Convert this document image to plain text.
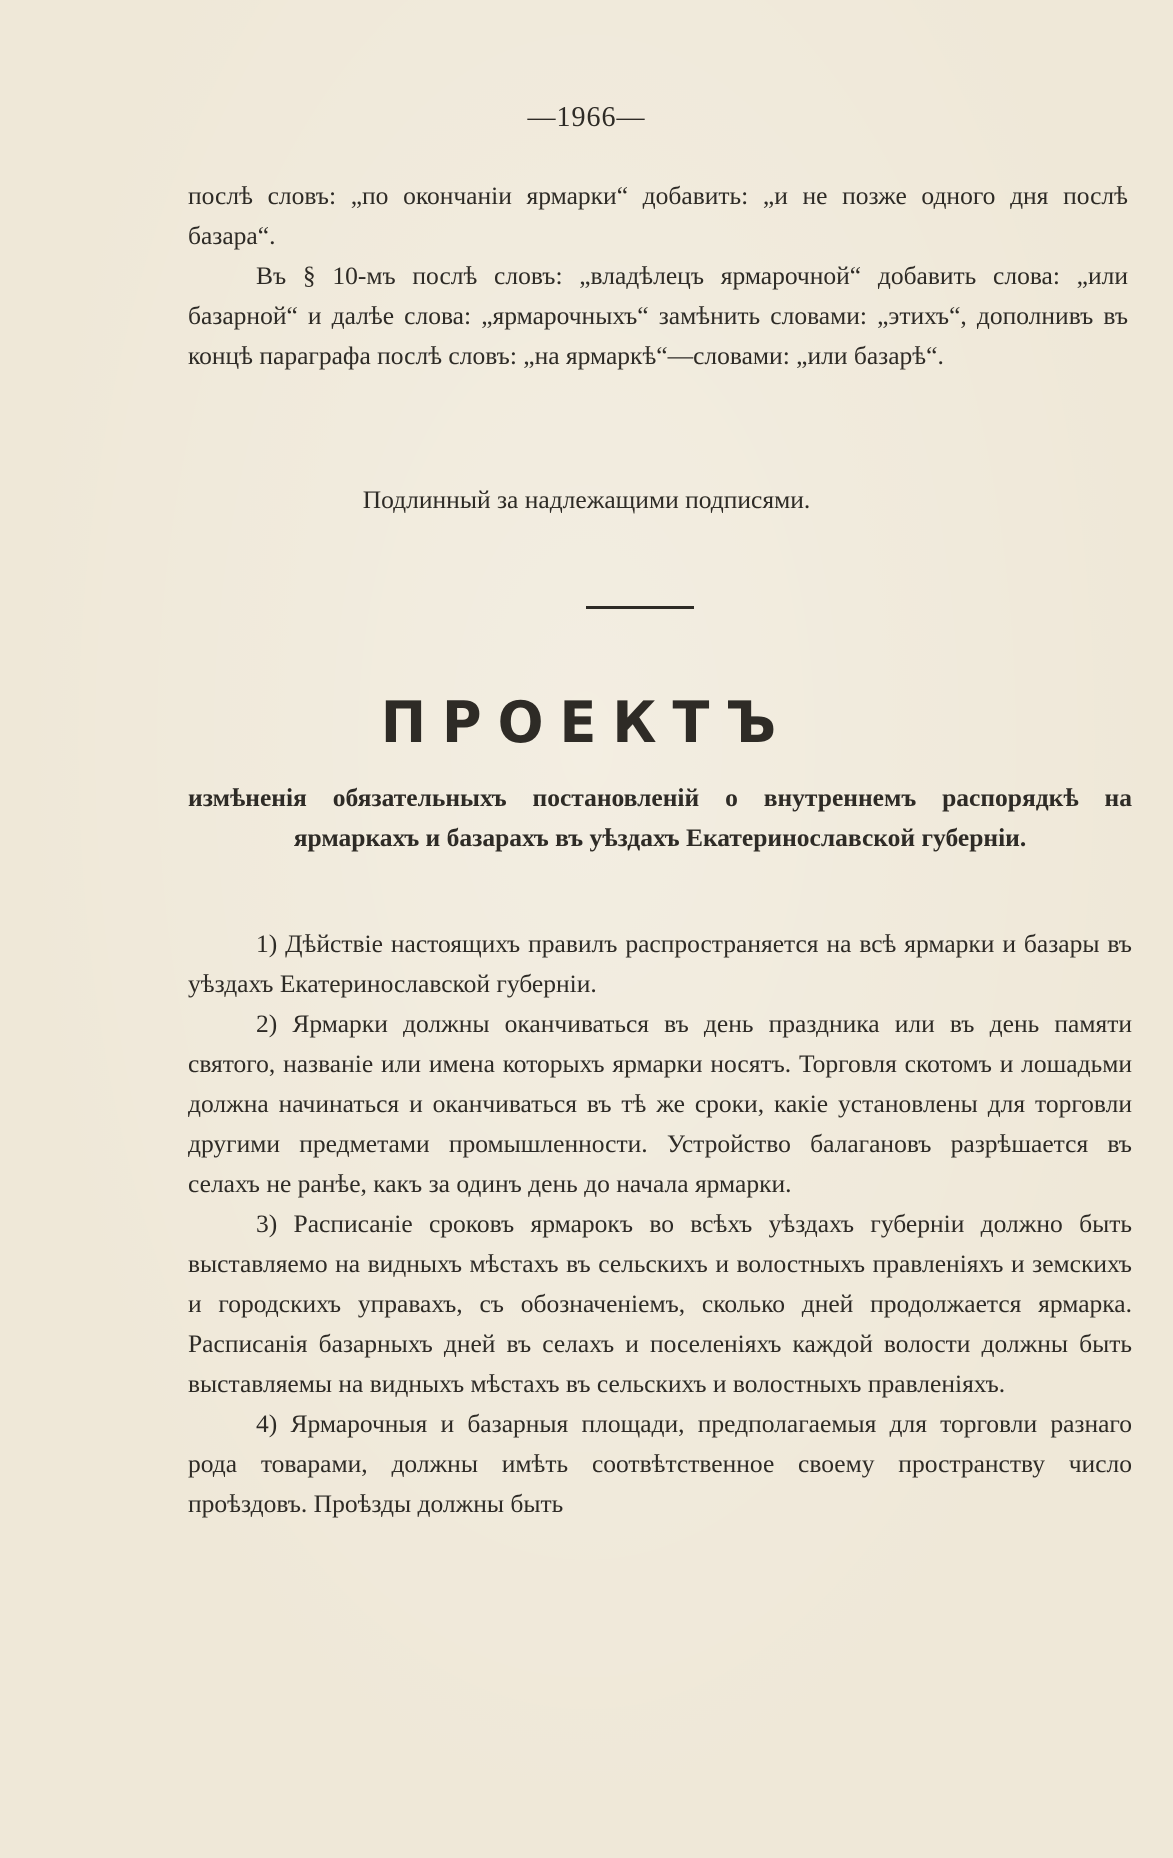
—1966—

послѣ словъ: „по окончаніи ярмарки“ добавить: „и не позже одного дня послѣ базара“.

Въ § 10-мъ послѣ словъ: „владѣлецъ ярмарочной“ добавить слова: „или базарной“ и далѣе слова: „ярмарочныхъ“ замѣнить словами: „этихъ“, дополнивъ въ концѣ параграфа послѣ словъ: „на ярмаркѣ“—словами: „или базарѣ“.

Подлинный за надлежащими подписями.
ПРОЕКТЪ
измѣненія обязательныхъ постановленій о внутреннемъ распорядкѣ на ярмаркахъ и базарахъ въ уѣздахъ Екатеринославской губерніи.

1) Дѣйствіе настоящихъ правилъ распространяется на всѣ ярмарки и базары въ уѣздахъ Екатеринославской губерніи.

2) Ярмарки должны оканчиваться въ день праздника или въ день памяти святого, названіе или имена которыхъ ярмарки носятъ. Торговля скотомъ и лошадьми должна начинаться и оканчиваться въ тѣ же сроки, какіе установлены для торговли другими предметами промышленности. Устройство балагановъ разрѣшается въ селахъ не ранѣе, какъ за одинъ день до начала ярмарки.

3) Расписаніе сроковъ ярмарокъ во всѣхъ уѣздахъ губерніи должно быть выставляемо на видныхъ мѣстахъ въ сельскихъ и волостныхъ правленіяхъ и земскихъ и городскихъ управахъ, съ обозначеніемъ, сколько дней продолжается ярмарка. Расписанія базарныхъ дней въ селахъ и поселеніяхъ каждой волости должны быть выставляемы на видныхъ мѣстахъ въ сельскихъ и волостныхъ правленіяхъ.

4) Ярмарочныя и базарныя площади, предполагаемыя для торговли разнаго рода товарами, должны имѣть соотвѣтственное своему пространству число проѣздовъ. Проѣзды должны быть
